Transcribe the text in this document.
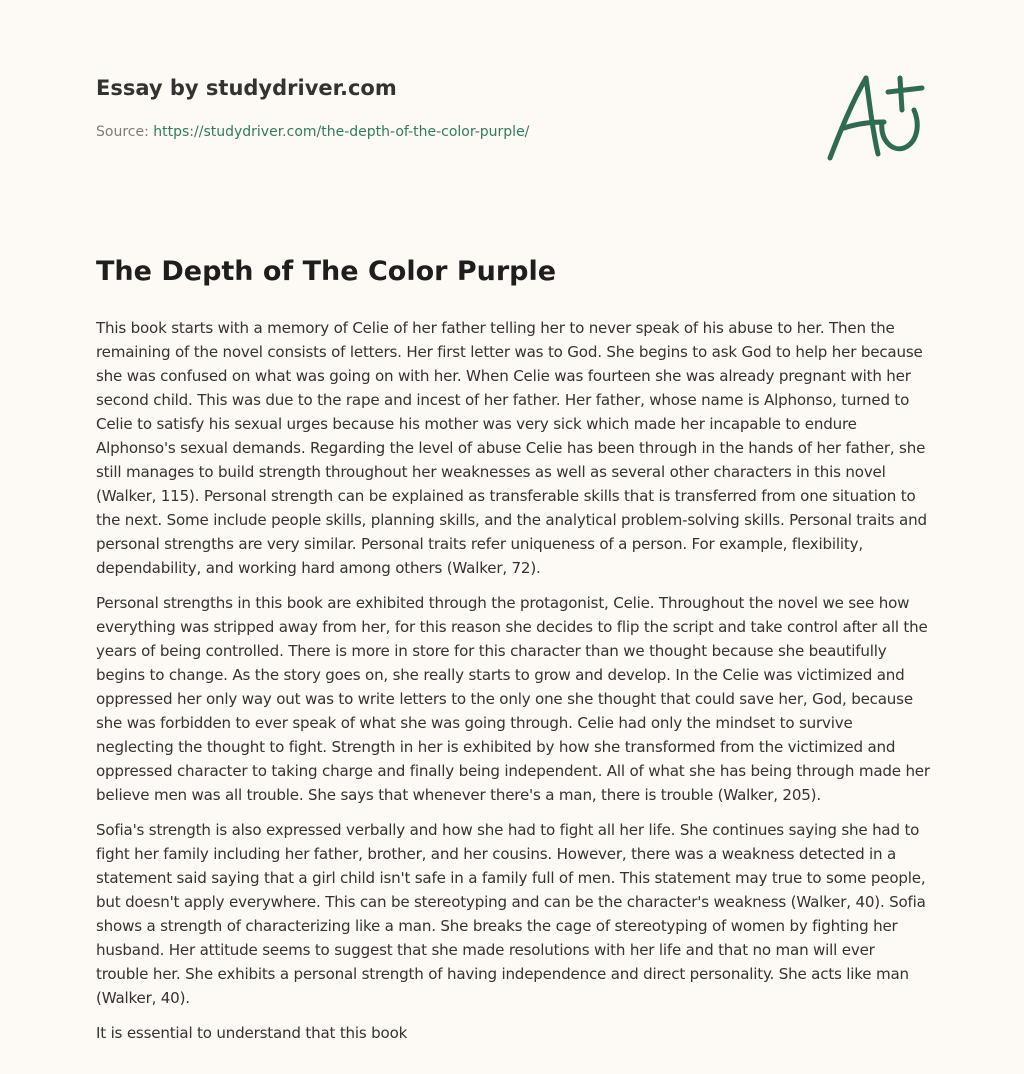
Essay by studydriver.com
Source: https://studydriver.com/the-depth-of-the-color-purple/
The Depth of The Color Purple

This book starts with a memory of Celie of her father telling her to never speak of his abuse to her. Then the remaining of the novel consists of letters. Her first letter was to God. She begins to ask God to help her because she was confused on what was going on with her. When Celie was fourteen she was already pregnant with her second child. This was due to the rape and incest of her father. Her father, whose name is Alphonso, turned to Celie to satisfy his sexual urges because his mother was very sick which made her incapable to endure Alphonso's sexual demands. Regarding the level of abuse Celie has been through in the hands of her father, she still manages to build strength throughout her weaknesses as well as several other characters in this novel (Walker, 115). Personal strength can be explained as transferable skills that is transferred from one situation to the next. Some include people skills, planning skills, and the analytical problem-solving skills. Personal traits and personal strengths are very similar. Personal traits refer uniqueness of a person. For example, flexibility, dependability, and working hard among others (Walker, 72).

Personal strengths in this book are exhibited through the protagonist, Celie. Throughout the novel we see how everything was stripped away from her, for this reason she decides to flip the script and take control after all the years of being controlled. There is more in store for this character than we thought because she beautifully begins to change. As the story goes on, she really starts to grow and develop. In the Celie was victimized and oppressed her only way out was to write letters to the only one she thought that could save her, God, because she was forbidden to ever speak of what she was going through. Celie had only the mindset to survive neglecting the thought to fight. Strength in her is exhibited by how she transformed from the victimized and oppressed character to taking charge and finally being independent. All of what she has being through made her believe men was all trouble. She says that whenever there's a man, there is trouble (Walker, 205).

Sofia's strength is also expressed verbally and how she had to fight all her life. She continues saying she had to fight her family including her father, brother, and her cousins. However, there was a weakness detected in a statement said saying that a girl child isn't safe in a family full of men. This statement may true to some people, but doesn't apply everywhere. This can be stereotyping and can be the character's weakness (Walker, 40). Sofia shows a strength of characterizing like a man. She breaks the cage of stereotyping of women by fighting her husband. Her attitude seems to suggest that she made resolutions with her life and that no man will ever trouble her. She exhibits a personal strength of having independence and direct personality. She acts like man (Walker, 40).

It is essential to understand that this book
